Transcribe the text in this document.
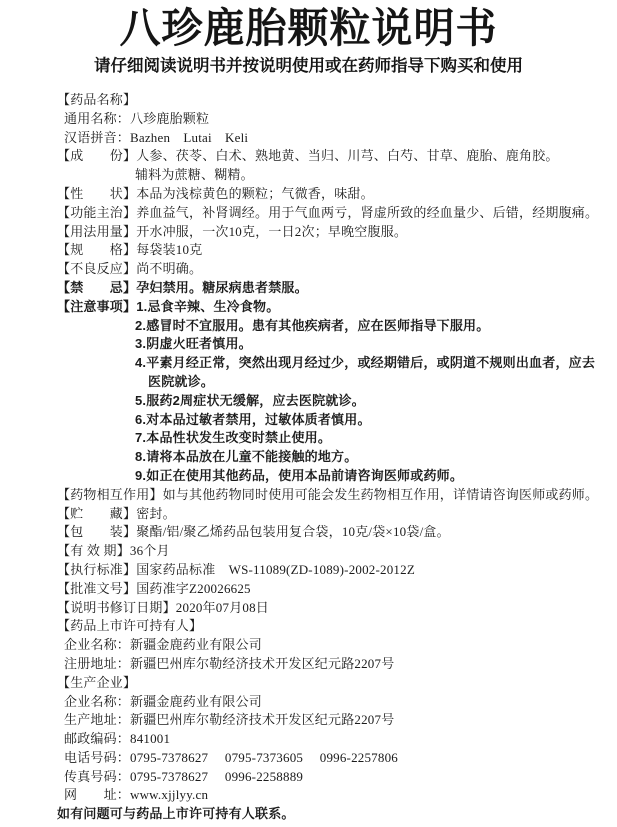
八珍鹿胎颗粒说明书
请仔细阅读说明书并按说明使用或在药师指导下购买和使用
【药品名称】
通用名称：八珍鹿胎颗粒
汉语拼音：Bazhen　Lutai　Keli
【成　　份】人参、茯苓、白术、熟地黄、当归、川芎、白芍、甘草、鹿胎、鹿角胶。
辅料为蔗糖、糊精。
【性　　状】本品为浅棕黄色的颗粒；气微香，味甜。
【功能主治】养血益气，补肾调经。用于气血两亏，肾虚所致的经血量少、后错，经期腹痛。
【用法用量】开水冲服，一次10克，一日2次；早晚空腹服。
【规　　格】每袋装10克
【不良反应】尚不明确。
【禁　　忌】孕妇禁用。糖尿病患者禁服。
【注意事项】1.忌食辛辣、生冷食物。
2.感冒时不宜服用。患有其他疾病者，应在医师指导下服用。
3.阴虚火旺者慎用。
4.平素月经正常，突然出现月经过少，或经期错后，或阴道不规则出血者，应去
医院就诊。
5.服药2周症状无缓解，应去医院就诊。
6.对本品过敏者禁用，过敏体质者慎用。
7.本品性状发生改变时禁止使用。
8.请将本品放在儿童不能接触的地方。
9.如正在使用其他药品，使用本品前请咨询医师或药师。
【药物相互作用】如与其他药物同时使用可能会发生药物相互作用，详情请咨询医师或药师。
【贮　　藏】密封。
【包　　装】聚酯/铝/聚乙烯药品包装用复合袋，10克/袋×10袋/盒。
【有 效 期】36个月
【执行标准】国家药品标准　WS-11089(ZD-1089)-2002-2012Z
【批准文号】国药准字Z20026625
【说明书修订日期】2020年07月08日
【药品上市许可持有人】
企业名称：新疆金鹿药业有限公司
注册地址：新疆巴州库尔勒经济技术开发区纪元路2207号
【生产企业】
企业名称：新疆金鹿药业有限公司
生产地址：新疆巴州库尔勒经济技术开发区纪元路2207号
邮政编码：841001
电话号码：0795-7378627　 0795-7373605　 0996-2257806
传真号码：0795-7378627　 0996-2258889
网　　址：www.xjjlyy.cn
如有问题可与药品上市许可持有人联系。
